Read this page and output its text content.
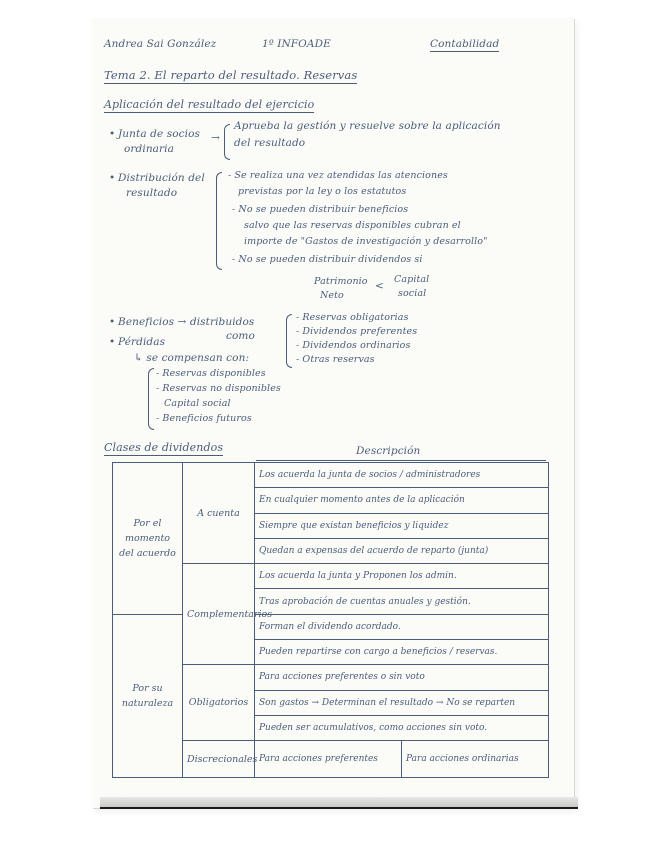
Andrea Sai González	1º INFOADE	Contabilidad
Tema 2. El reparto del resultado. Reservas
Aplicación del resultado del ejercicio
• Junta de socios
ordinaria
→
Aprueba la gestión y resuelve sobre la aplicación
del resultado
• Distribución del
resultado
- Se realiza una vez atendidas las atenciones
previstas por la ley o los estatutos
- No se pueden distribuir beneficios
salvo que las reservas disponibles cubran el
importe de "Gastos de investigación y desarrollo"
- No se pueden distribuir dividendos si
Patrimonio
Neto
<
Capital
social
• Beneficios → distribuidos
como
• Pérdidas
↳ se compensan con:
- Reservas obligatorias
- Dividendos preferentes
- Dividendos ordinarios
- Otras reservas
- Reservas disponibles
- Reservas no disponibles
Capital social
- Beneficios futuros
Clases de dividendos	Descripción
Por el momento del acuerdo	A cuenta	Los acuerda la junta de socios / administradores	
		En cualquier momento antes de la aplicación	
		Siempre que existan beneficios y liquidez	
		Quedan a expensas del acuerdo de reparto (junta)	
	Complementarios	Los acuerda la junta y Proponen los admin.	
		Tras aprobación de cuentas anuales y gestión.	
Por su naturaleza		Forman el dividendo acordado.	
		Pueden repartirse con cargo a beneficios / reservas.	
	Obligatorios	Para acciones preferentes o sin voto	
		Son gastos → Determinan el resultado → No se reparten	
		Pueden ser acumulativos, como acciones sin voto.	
	Discrecionales	Para acciones preferentes	Para acciones ordinarias
